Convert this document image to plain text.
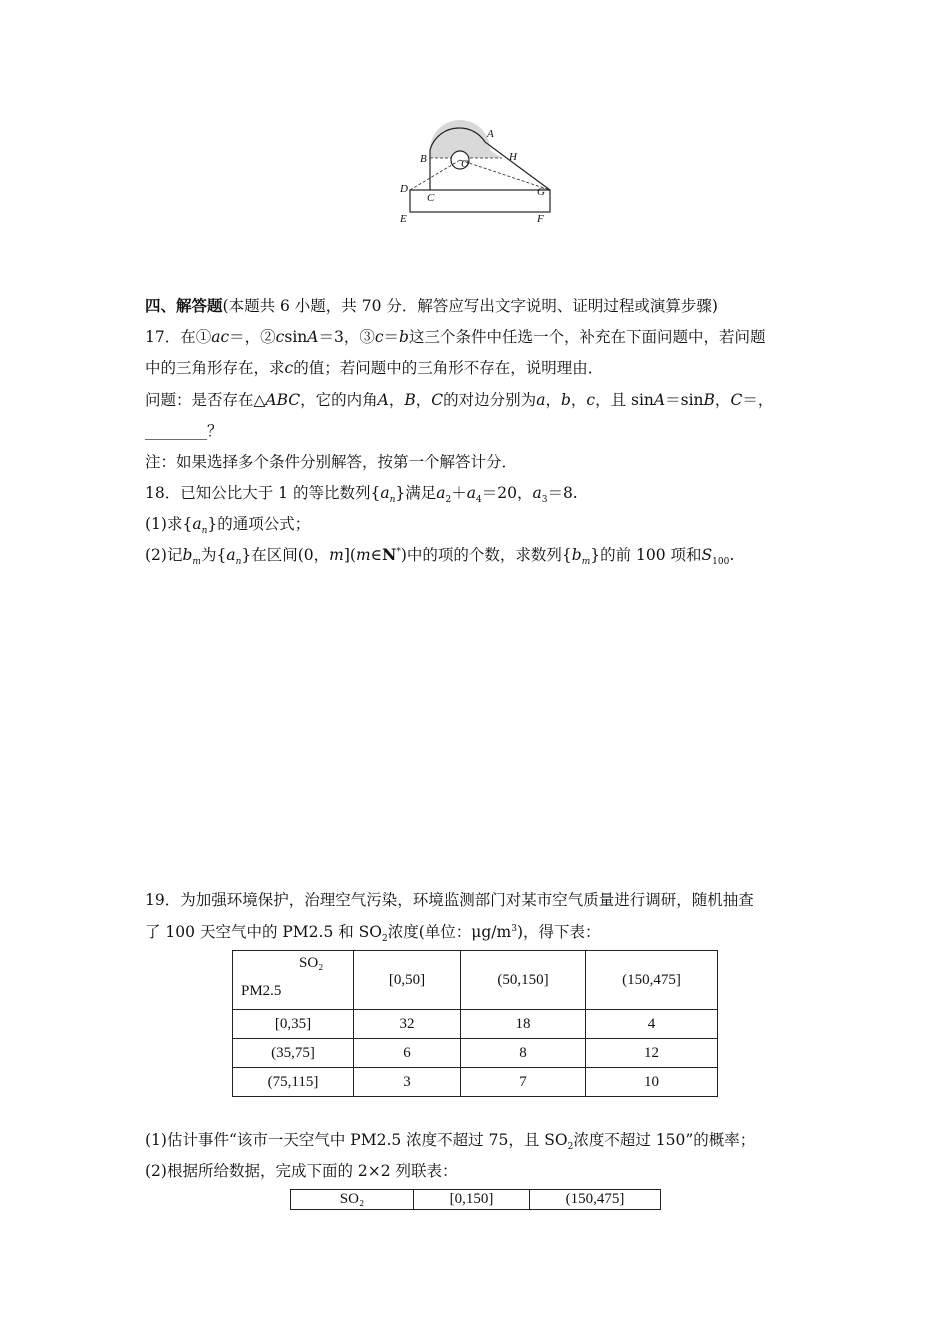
A
B	H
O
D
C	G
E	F
四、解答题(本题共 6 小题，共 70 分．解答应写出文字说明、证明过程或演算步骤)
17．在①ac＝，②csinA＝3，③c＝b这三个条件中任选一个，补充在下面问题中，若问题
中的三角形存在，求c的值；若问题中的三角形不存在，说明理由．
问题：是否存在△ABC，它的内角A，B，C的对边分别为a，b，c，且 sinA＝sinB，C＝，
________？
注：如果选择多个条件分别解答，按第一个解答计分．
18．已知公比大于 1 的等比数列$\{a_n\}$满足$a_2+a_4=20$，$a_3=8$.
(1)求$\{a_n\}$的通项公式；
(2)记$b_m$为$\{a_n\}$在区间(0，m](m∈N*)中的项的个数，求数列$\{b_m\}$的前 100 项和$S_{100}$.
19．为加强环境保护，治理空气污染，环境监测部门对某市空气质量进行调研，随机抽查
了 100 天空气中的 PM2.5 和 $SO_2$浓度(单位：$\mu g/m^3$)，得下表：
SO₂
PM2.5	[0,50]	(50,150]	(150,475]
[0,35]	32	18	4
(35,75]	6	8	12
(75,115]	3	7	10
(1)估计事件“该市一天空气中 PM2.5 浓度不超过 75，且 $SO_2$浓度不超过 150”的概率；
(2)根据所给数据，完成下面的 2×2 列联表：
SO₂	[0,150]	(150,475]
